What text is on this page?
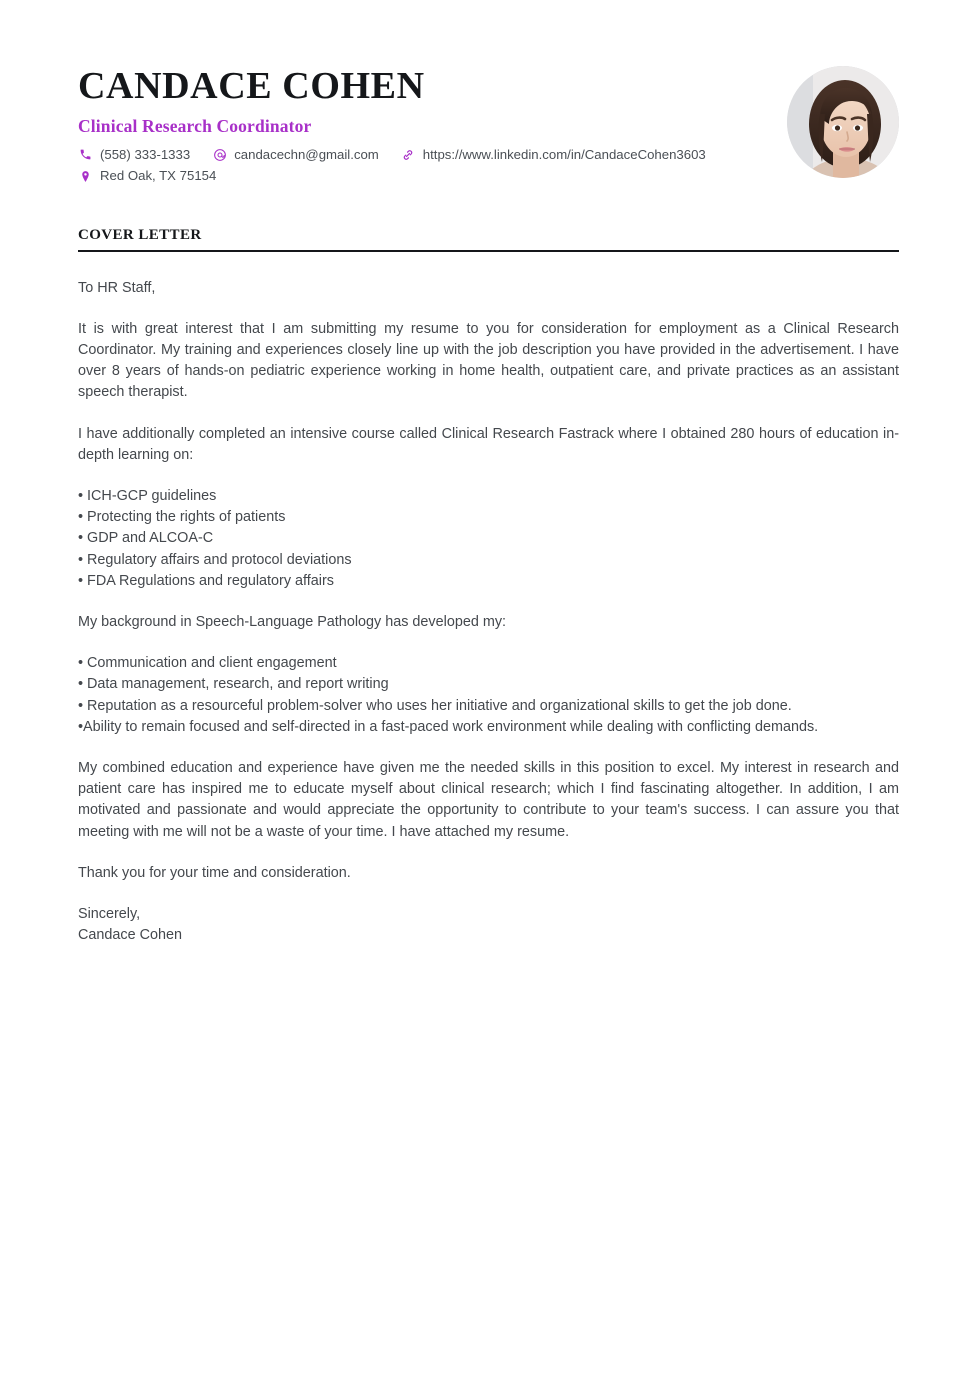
CANDACE COHEN
Clinical Research Coordinator
(558) 333-1333	candacechn@gmail.com	https://www.linkedin.com/in/CandaceCohen3603
Red Oak, TX 75154
COVER LETTER

To HR Staff,

It is with great interest that I am submitting my resume to you for consideration for employment as a Clinical Research Coordinator. My training and experiences closely line up with the job description you have provided in the advertisement. I have over 8 years of hands-on pediatric experience working in home health, outpatient care, and private practices as an assistant speech therapist.

I have additionally completed an intensive course called Clinical Research Fastrack where I obtained 280 hours of education in-depth learning on:

• ICH-GCP guidelines
• Protecting the rights of patients
• GDP and ALCOA-C
• Regulatory affairs and protocol deviations
• FDA Regulations and regulatory affairs

My background in Speech-Language Pathology has developed my:

• Communication and client engagement
• Data management, research, and report writing
• Reputation as a resourceful problem-solver who uses her initiative and organizational skills to get the job done.
•Ability to remain focused and self-directed in a fast-paced work environment while dealing with conflicting demands.

My combined education and experience have given me the needed skills in this position to excel. My interest in research and patient care has inspired me to educate myself about clinical research; which I find fascinating altogether. In addition, I am motivated and passionate and would appreciate the opportunity to contribute to your team's success. I can assure you that meeting with me will not be a waste of your time. I have attached my resume.

Thank you for your time and consideration.

Sincerely,

Candace Cohen
